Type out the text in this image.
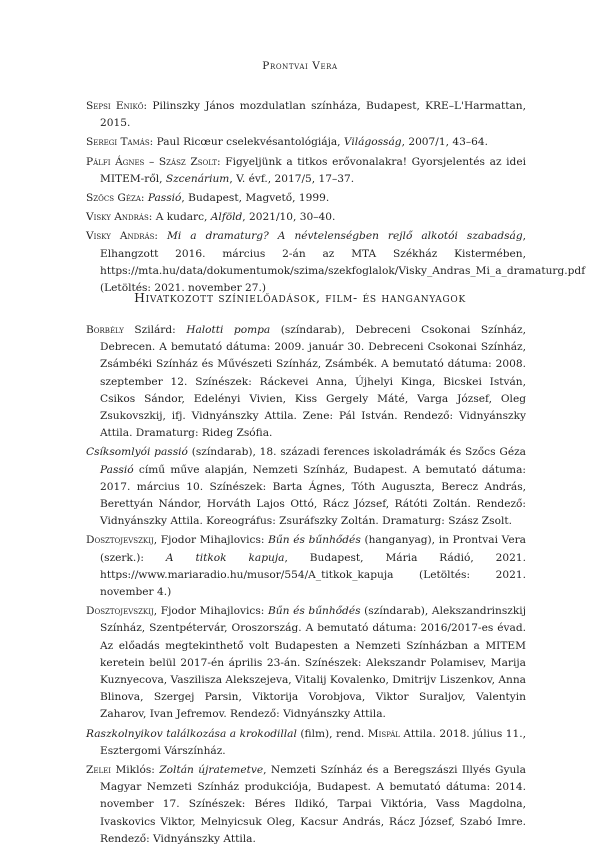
Prontvai Vera

Sepsi Enikő: Pilinszky János mozdulatlan színháza, Budapest, KRE–L'Harmattan, 2015.

Seregi Tamás: Paul Ricœur cselekvésantológiája, Világosság, 2007/1, 43–64.

Pálfi Ágnes – Szász Zsolt: Figyeljünk a titkos erővonalakra! Gyorsjelentés az idei MITEM-ről, Szcenárium, V. évf., 2017/5, 17–37.

Szőcs Géza: Passió, Budapest, Magvető, 1999.

Visky András: A kudarc, Alföld, 2021/10, 30–40.

Visky András: Mi a dramaturg? A névtelenségben rejlő alkotói szabadság, Elhangzott 2016. március 2-án az MTA Székház Kistermében, https://mta.hu/data/dokumentumok/szima/szekfoglalok/Visky_Andras_Mi_a_dramaturg.pdf (Letöltés: 2021. november 27.)

Hivatkozott színielőadások, film- és hanganyagok

Borbély Szilárd: Halotti pompa (színdarab), Debreceni Csokonai Színház, Debrecen. A bemutató dátuma: 2009. január 30. Debreceni Csokonai Színház, Zsámbéki Színház és Művészeti Színház, Zsámbék. A bemutató dátuma: 2008. szeptember 12. Színészek: Ráckevei Anna, Újhelyi Kinga, Bicskei István, Csikos Sándor, Edelényi Vivien, Kiss Gergely Máté, Varga József, Oleg Zsukovszkij, ifj. Vidnyánszky Attila. Zene: Pál István. Rendező: Vidnyánszky Attila. Dramaturg: Rideg Zsófia.

Csíksomlyói passió (színdarab), 18. századi ferences iskoladrámák és Szőcs Géza Passió című műve alapján, Nemzeti Színház, Budapest. A bemutató dátuma: 2017. március 10. Színészek: Barta Ágnes, Tóth Auguszta, Berecz András, Berettyán Nándor, Horváth Lajos Ottó, Rácz József, Rátóti Zoltán. Rendező: Vidnyánszky Attila. Koreográfus: Zsuráfszky Zoltán. Dramaturg: Szász Zsolt.

Dosztojevszkij, Fjodor Mihajlovics: Bűn és bűnhődés (hanganyag), in Prontvai Vera (szerk.): A titkok kapuja, Budapest, Mária Rádió, 2021. https://www.mariaradio.hu/musor/554/A_titkok_kapuja (Letöltés: 2021. november 4.)

Dosztojevszkij, Fjodor Mihajlovics: Bűn és bűnhődés (színdarab), Alekszandrinszkij Színház, Szentpétervár, Oroszország. A bemutató dátuma: 2016/2017-es évad. Az előadás megtekinthető volt Budapesten a Nemzeti Színházban a MITEM keretein belül 2017-én április 23-án. Színészek: Alekszandr Polamisev, Marija Kuznyecova, Vaszilisza Alekszejeva, Vitalij Kovalenko, Dmitrijv Liszenkov, Anna Blinova, Szergej Parsin, Viktorija Vorobjova, Viktor Suraljov, Valentyin Zaharov, Ivan Jefremov. Rendező: Vidnyánszky Attila.

Raszkolnyikov találkozása a krokodillal (film), rend. Mispál Attila. 2018. július 11., Esztergomi Várszínház.

Zelei Miklós: Zoltán újratemetve, Nemzeti Színház és a Beregszászi Illyés Gyula Magyar Nemzeti Színház produkciója, Budapest. A bemutató dátuma: 2014. november 17. Színészek: Béres Ildikó, Tarpai Viktória, Vass Magdolna, Ivaskovics Viktor, Melnyicsuk Oleg, Kacsur András, Rácz József, Szabó Imre. Rendező: Vidnyánszky Attila.
